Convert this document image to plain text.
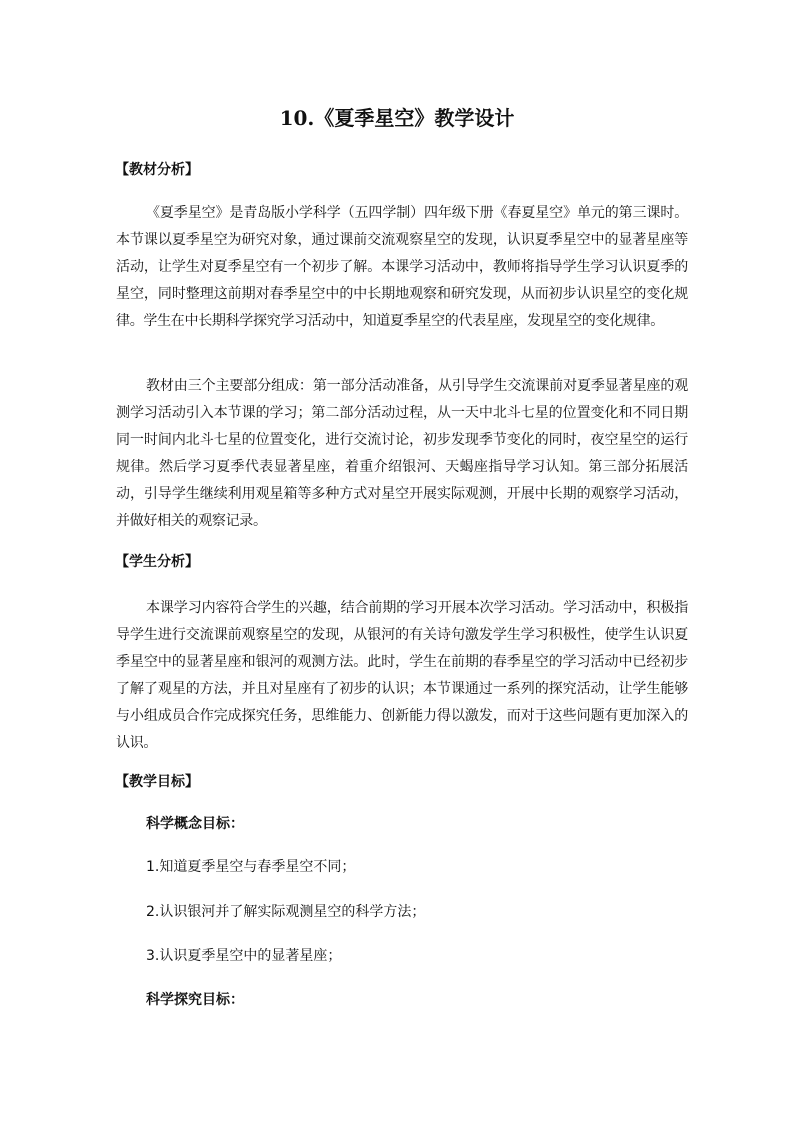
10.《夏季星空》教学设计
【教材分析】
《夏季星空》是青岛版小学科学（五四学制）四年级下册《春夏星空》单元的第三课时。本节课以夏季星空为研究对象，通过课前交流观察星空的发现，认识夏季星空中的显著星座等活动，让学生对夏季星空有一个初步了解。本课学习活动中，教师将指导学生学习认识夏季的星空，同时整理这前期对春季星空中的中长期地观察和研究发现，从而初步认识星空的变化规律。学生在中长期科学探究学习活动中，知道夏季星空的代表星座，发现星空的变化规律。
教材由三个主要部分组成：第一部分活动准备，从引导学生交流课前对夏季显著星座的观测学习活动引入本节课的学习；第二部分活动过程，从一天中北斗七星的位置变化和不同日期同一时间内北斗七星的位置变化，进行交流讨论，初步发现季节变化的同时，夜空星空的运行规律。然后学习夏季代表显著星座，着重介绍银河、天蝎座指导学习认知。第三部分拓展活动，引导学生继续利用观星箱等多种方式对星空开展实际观测，开展中长期的观察学习活动，并做好相关的观察记录。
【学生分析】
本课学习内容符合学生的兴趣，结合前期的学习开展本次学习活动。学习活动中，积极指导学生进行交流课前观察星空的发现，从银河的有关诗句激发学生学习积极性，使学生认识夏季星空中的显著星座和银河的观测方法。此时，学生在前期的春季星空的学习活动中已经初步了解了观星的方法，并且对星座有了初步的认识；本节课通过一系列的探究活动，让学生能够与小组成员合作完成探究任务，思维能力、创新能力得以激发，而对于这些问题有更加深入的认识。
【教学目标】
科学概念目标：
1.知道夏季星空与春季星空不同；
2.认识银河并了解实际观测星空的科学方法；
3.认识夏季星空中的显著星座；
科学探究目标：
